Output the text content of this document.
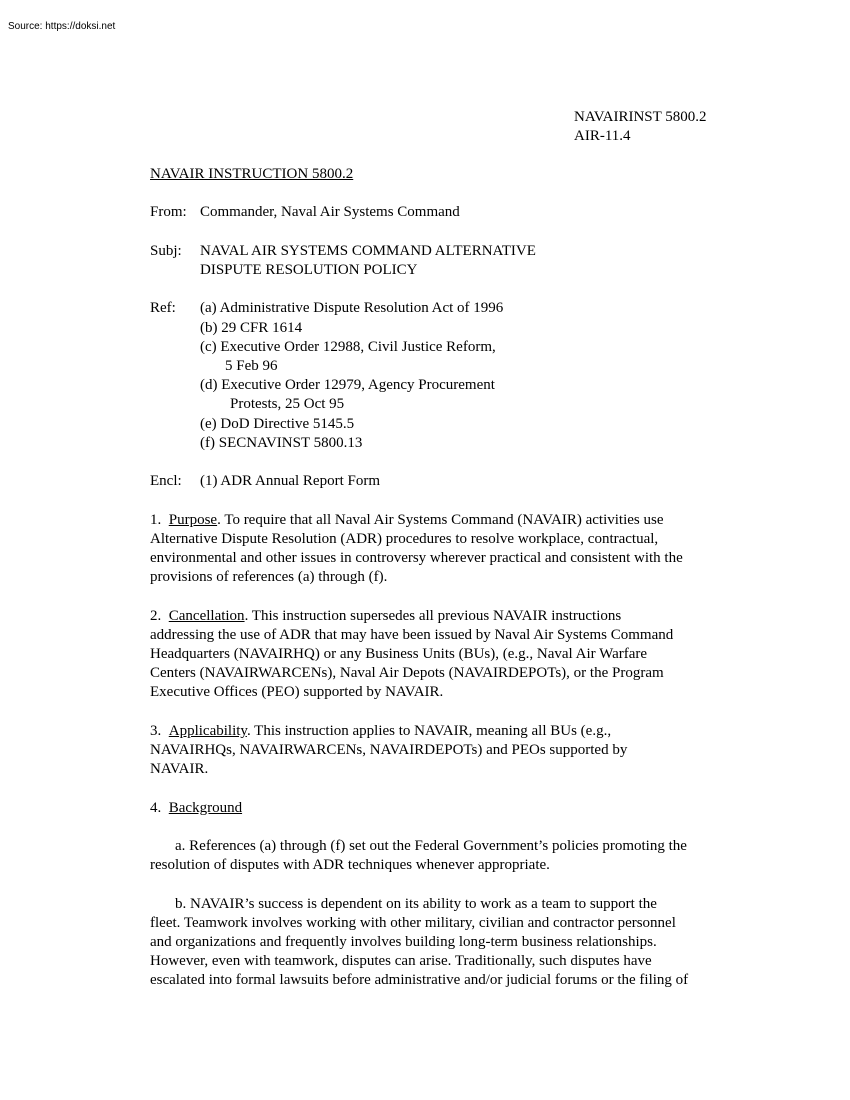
Source: https://doksi.net
NAVAIRINST 5800.2
AIR-11.4
NAVAIR INSTRUCTION 5800.2
From: Commander, Naval Air Systems Command
Subj:	NAVAL AIR SYSTEMS COMMAND ALTERNATIVE
DISPUTE RESOLUTION POLICY
Ref:	(a) Administrative Dispute Resolution Act of 1996
(b) 29 CFR 1614
(c) Executive Order 12988, Civil Justice Reform,
5 Feb 96
(d) Executive Order 12979, Agency Procurement
Protests, 25 Oct 95
(e) DoD Directive 5145.5
(f) SECNAVINST 5800.13
Encl:	(1) ADR Annual Report Form
1. Purpose. To require that all Naval Air Systems Command (NAVAIR) activities use
Alternative Dispute Resolution (ADR) procedures to resolve workplace, contractual,
environmental and other issues in controversy wherever practical and consistent with the
provisions of references (a) through (f).
2. Cancellation. This instruction supersedes all previous NAVAIR instructions
addressing the use of ADR that may have been issued by Naval Air Systems Command
Headquarters (NAVAIRHQ) or any Business Units (BUs), (e.g., Naval Air Warfare
Centers (NAVAIRWARCENs), Naval Air Depots (NAVAIRDEPOTs), or the Program
Executive Offices (PEO) supported by NAVAIR.
3. Applicability. This instruction applies to NAVAIR, meaning all BUs (e.g.,
NAVAIRHQs, NAVAIRWARCENs, NAVAIRDEPOTs) and PEOs supported by
NAVAIR.
4. Background
a. References (a) through (f) set out the Federal Government’s policies promoting the
resolution of disputes with ADR techniques whenever appropriate.
b. NAVAIR’s success is dependent on its ability to work as a team to support the
fleet. Teamwork involves working with other military, civilian and contractor personnel
and organizations and frequently involves building long-term business relationships.
However, even with teamwork, disputes can arise. Traditionally, such disputes have
escalated into formal lawsuits before administrative and/or judicial forums or the filing of
